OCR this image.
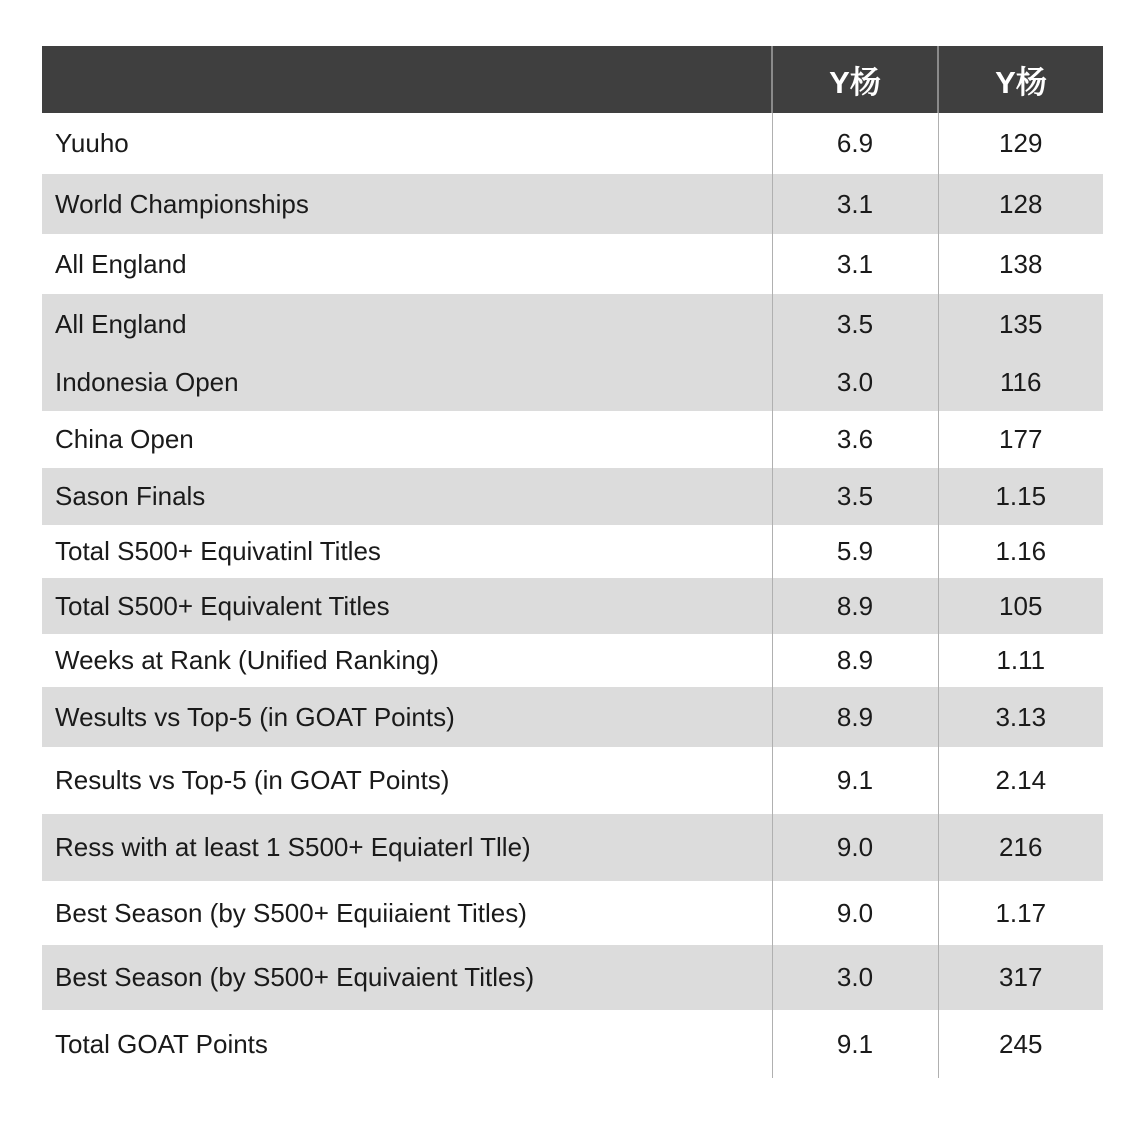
	Y杨	Y杨
Yuuho	6.9	129
World Championships	3.1	128
All England	3.1	138
All England	3.5	135
Indonesia Open	3.0	116
China Open	3.6	177
Sason Finals	3.5	1.15
Total S500+ Equivatinl Titles	5.9	1.16
Total S500+ Equivalent Titles	8.9	105
Weeks at Rank (Unified Ranking)	8.9	1.11
Wesults vs Top-5 (in GOAT Points)	8.9	3.13
Results vs Top-5 (in GOAT Points)	9.1	2.14
Ress with at least 1 S500+ Equiaterl Tlle)	9.0	216
Best Season (by S500+ Equiiaient Titles)	9.0	1.17
Best Season (by S500+ Equivaient Titles)	3.0	317
Total GOAT Points	9.1	245
